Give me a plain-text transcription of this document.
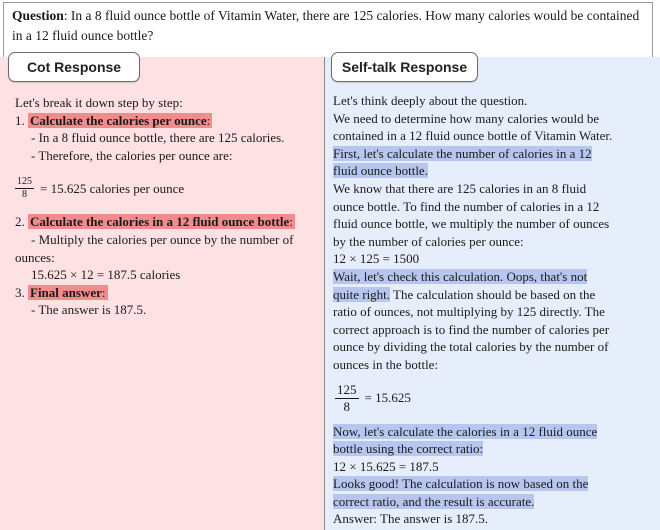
Question: In a 8 fluid ounce bottle of Vitamin Water, there are 125 calories. How many calories would be contained in a 12 fluid ounce bottle?
Cot Response	Self-talk Response
Let's break it down step by step:
1. Calculate the calories per ounce:
- In a 8 fluid ounce bottle, there are 125 calories.
- Therefore, the calories per ounce are:
$\frac{125}{8} = 15.625$ calories per ounce
2. Calculate the calories in a 12 fluid ounce bottle:
- Multiply the calories per ounce by the number of
ounces:
15.625 × 12 = 187.5 calories
3. Final answer:
- The answer is 187.5.
Let's think deeply about the question.
We need to determine how many calories would be
contained in a 12 fluid ounce bottle of Vitamin Water.
First, let's calculate the number of calories in a 12
fluid ounce bottle.
We know that there are 125 calories in an 8 fluid
ounce bottle. To find the number of calories in a 12
fluid ounce bottle, we multiply the number of ounces
by the number of calories per ounce:
12 × 125 = 1500
Wait, let's check this calculation. Oops, that's not
quite right. The calculation should be based on the
ratio of ounces, not multiplying by 125 directly. The
correct approach is to find the number of calories per
ounce by dividing the total calories by the number of
ounces in the bottle:
$\frac{125}{8} = 15.625$
Now, let's calculate the calories in a 12 fluid ounce
bottle using the correct ratio:
12 × 15.625 = 187.5
Looks good! The calculation is now based on the
correct ratio, and the result is accurate.
Answer: The answer is 187.5.
